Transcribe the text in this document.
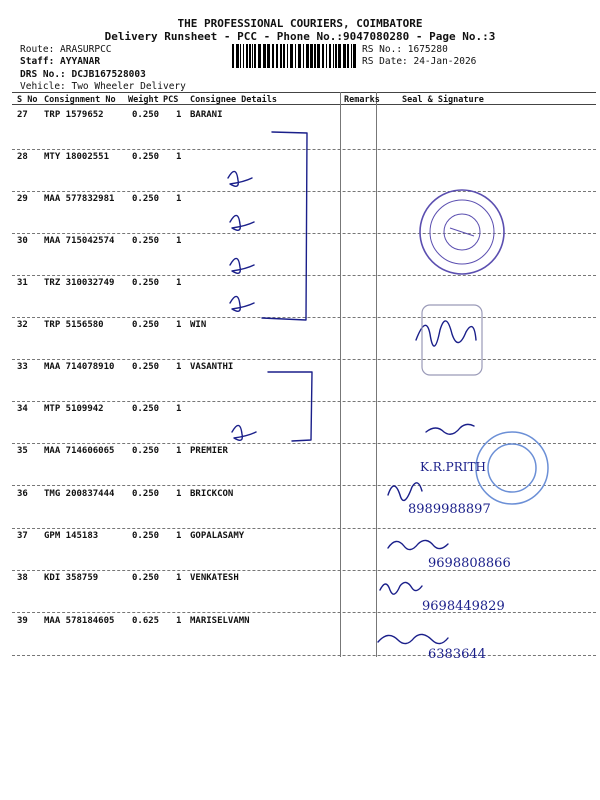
THE PROFESSIONAL COURIERS, COIMBATORE
Delivery Runsheet - PCC - Phone No.:9047080280 - Page No.:3
Route: ARASURPCC
Staff: AYYANAR
DRS No.: DCJB167528003
Vehicle: Two Wheeler Delivery
RS No.: 1675280
RS Date: 24-Jan-2026
S No Consignment No Weight PCS Consignee Details	Remarks	Seal & Signature
27 TRP 1579652	0.250 1 BARANI
28 MTY 18002551	0.250 1
29 MAA 577832981 0.250 1
30 MAA 715042574 0.250 1
31 TRZ 310032749 0.250 1
32 TRP 5156580	0.250 1 WIN
33 MAA 714078910 0.250 1 VASANTHI
34 MTP 5109942	0.250 1
35 MAA 714606065 0.250 1 PREMIER
36 TMG 200837444 0.250 1 BRICKCON
37 GPM 145183	0.250 1 GOPALASAMY
38 KDI 358759	0.250 1 VENKATESH
39 MAA 578184605 0.625 1 MARISELVAMN
K.R.PRITH
8989988897
9698808866
9698449829
6383644
